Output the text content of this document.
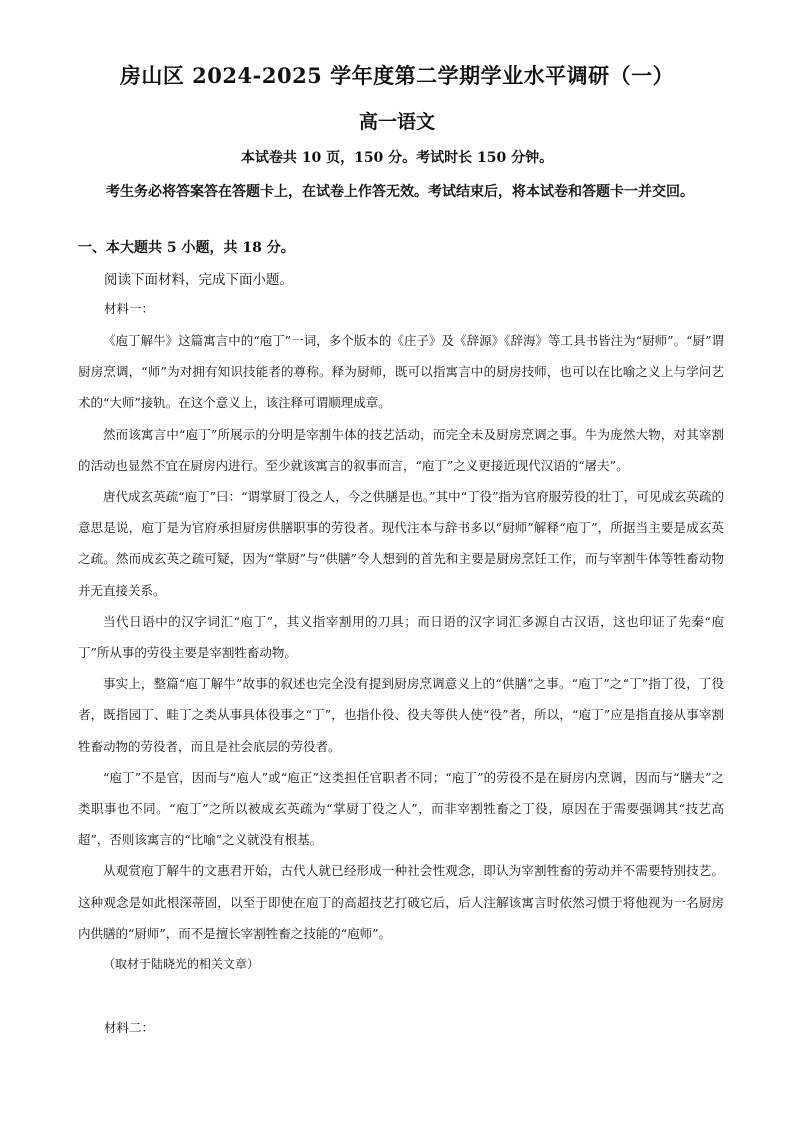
房山区 2024-2025 学年度第二学期学业水平调研（一）
高一语文
本试卷共 10 页，150 分。考试时长 150 分钟。
考生务必将答案答在答题卡上，在试卷上作答无效。考试结束后，将本试卷和答题卡一并交回。
一、本大题共 5 小题，共 18 分。
阅读下面材料，完成下面小题。
材料一：

《庖丁解牛》这篇寓言中的“庖丁”一词，多个版本的《庄子》及《辞源》《辞海》等工具书皆注为“厨师”。“厨”谓厨房烹调，“师”为对拥有知识技能者的尊称。释为厨师，既可以指寓言中的厨房技师，也可以在比喻之义上与学问艺术的“大师”接轨。在这个意义上，该注释可谓顺理成章。

然而该寓言中“庖丁”所展示的分明是宰割牛体的技艺活动，而完全未及厨房烹调之事。牛为庞然大物，对其宰割的活动也显然不宜在厨房内进行。至少就该寓言的叙事而言，“庖丁”之义更接近现代汉语的“屠夫”。

唐代成玄英疏“庖丁”曰：“谓掌厨丁役之人，今之供膳是也。”其中“丁役”指为官府服劳役的壮丁，可见成玄英疏的意思是说，庖丁是为官府承担厨房供膳职事的劳役者。现代注本与辞书多以“厨师”解释“庖丁”，所据当主要是成玄英之疏。然而成玄英之疏可疑，因为“掌厨”与“供膳”令人想到的首先和主要是厨房烹饪工作，而与宰割牛体等牲畜动物并无直接关系。

当代日语中的汉字词汇“庖丁”，其义指宰割用的刀具；而日语的汉字词汇多源自古汉语，这也印证了先秦“庖丁”所从事的劳役主要是宰割牲畜动物。

事实上，整篇“庖丁解牛”故事的叙述也完全没有提到厨房烹调意义上的“供膳”之事。“庖丁”之“丁”指丁役，丁役者，既指园丁、畦丁之类从事具体役事之“丁”，也指仆役、役夫等供人使“役”者，所以，“庖丁”应是指直接从事宰割牲畜动物的劳役者，而且是社会底层的劳役者。

“庖丁”不是官，因而与“庖人”或“庖正”这类担任官职者不同；“庖丁”的劳役不是在厨房内烹调，因而与“膳夫”之类职事也不同。“庖丁”之所以被成玄英疏为“掌厨丁役之人”，而非宰割牲畜之丁役，原因在于需要强调其“技艺高超”，否则该寓言的“比喻”之义就没有根基。

从观赏庖丁解牛的文惠君开始，古代人就已经形成一种社会性观念，即认为宰割牲畜的劳动并不需要特别技艺。这种观念是如此根深蒂固，以至于即使在庖丁的高超技艺打破它后，后人注解该寓言时依然习惯于将他视为一名厨房内供膳的“厨师”，而不是擅长宰割牲畜之技能的“庖师”。

（取材于陆晓光的相关文章）

材料二：
